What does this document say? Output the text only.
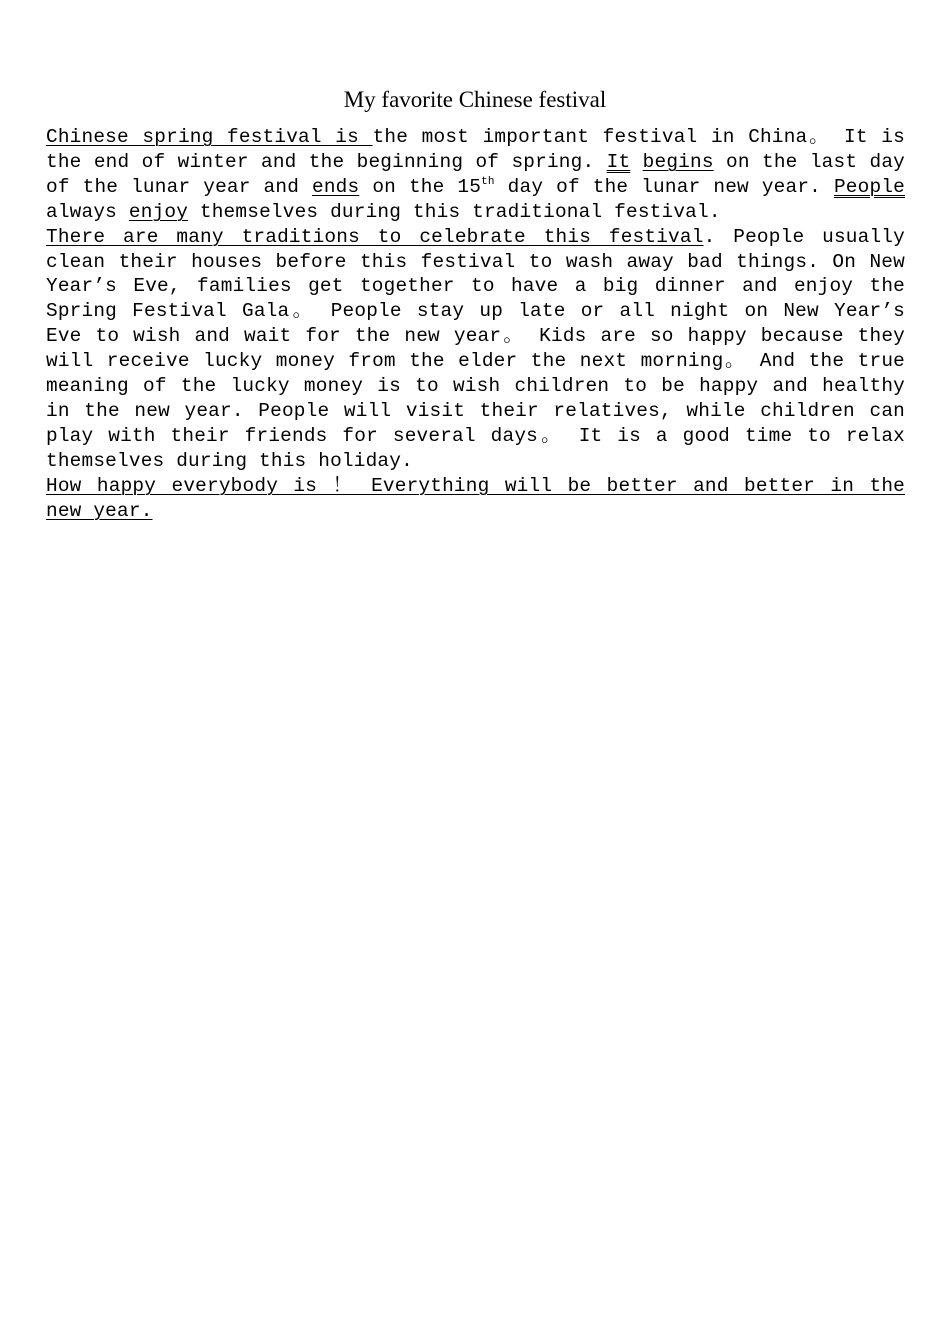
My favorite Chinese festival

Chinese spring festival is the most important festival in China。 It is the end of winter and the beginning of spring. It begins on the last day of the lunar year and ends on the 15th day of the lunar new year. People always enjoy themselves during this traditional festival.

There are many traditions to celebrate this festival. People usually clean their houses before this festival to wash away bad things. On New Year’s Eve, families get together to have a big dinner and enjoy the Spring Festival Gala。 People stay up late or all night on New Year’s Eve to wish and wait for the new year。 Kids are so happy because they will receive lucky money from the elder the next morning。 And the true meaning of the lucky money is to wish children to be happy and healthy in the new year. People will visit their relatives, while children can play with their friends for several days。 It is a good time to relax themselves during this holiday.

How happy everybody is ！ Everything will be better and better in the new year.
